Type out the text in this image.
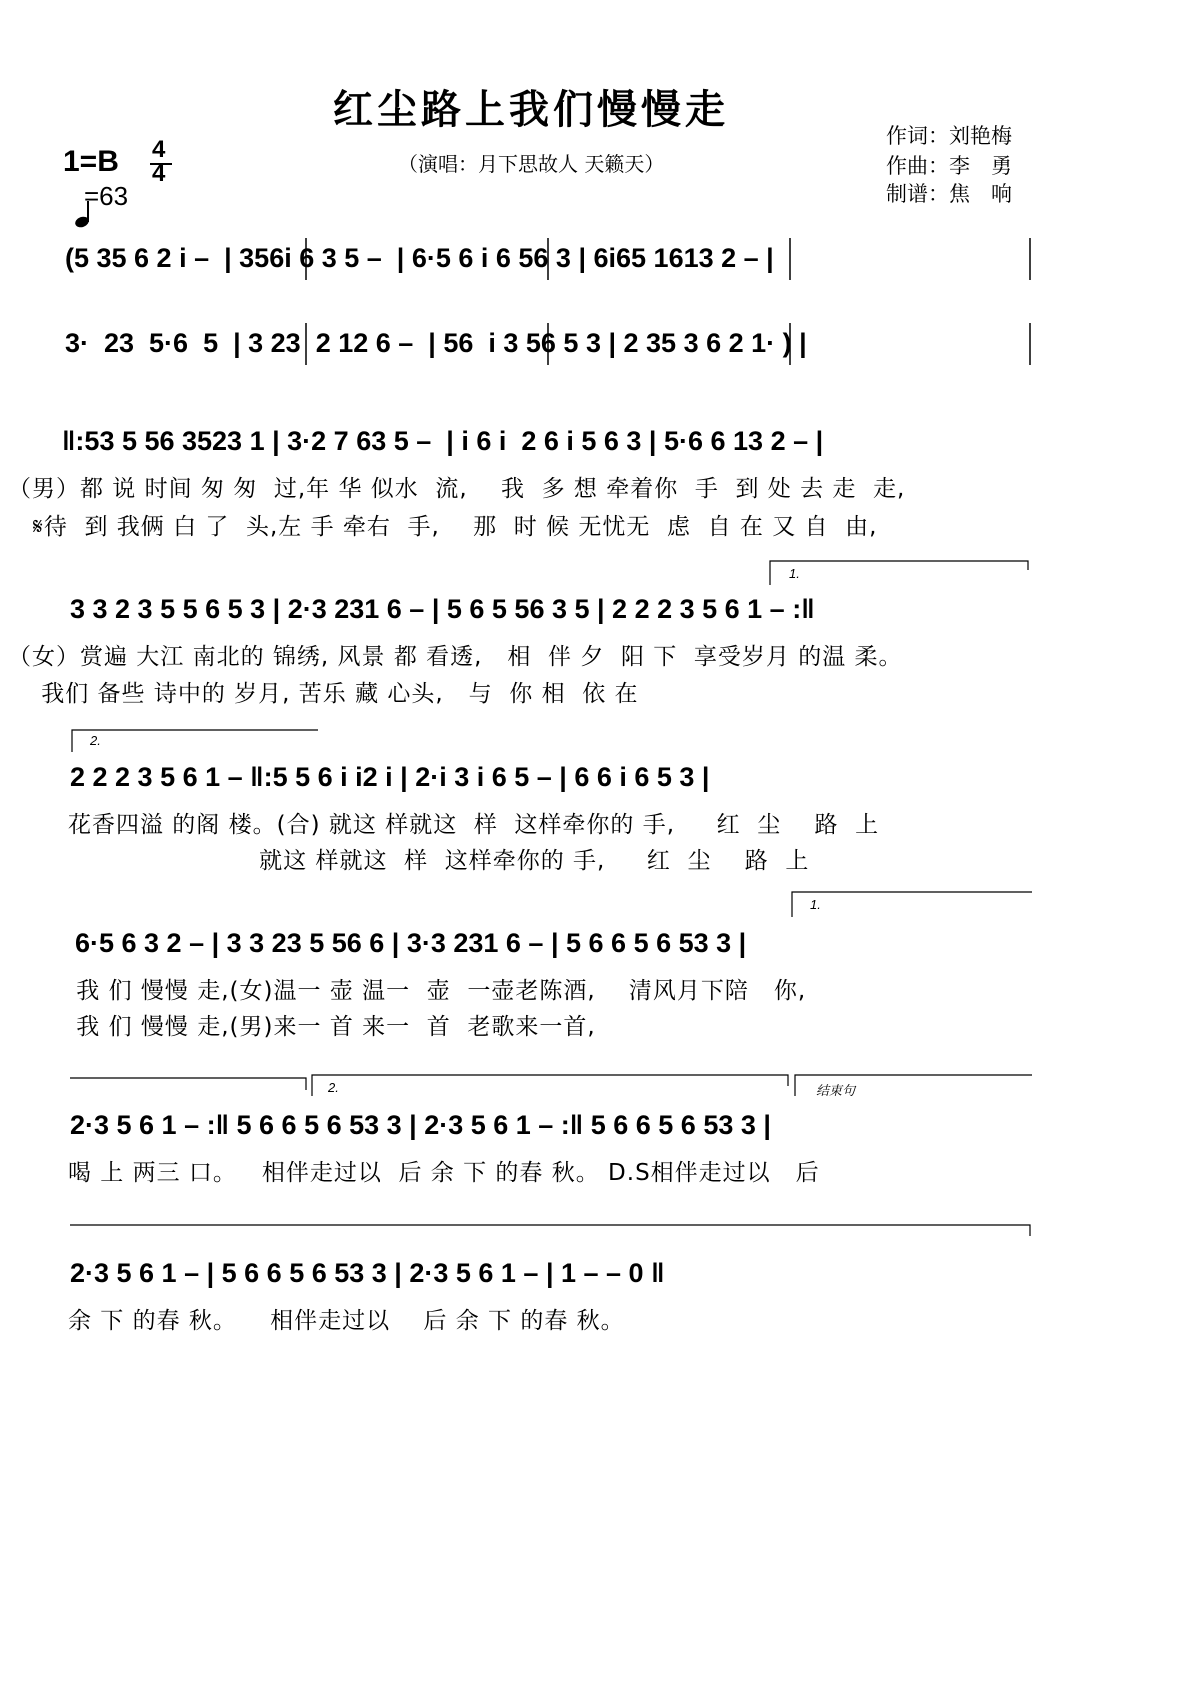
红尘路上我们慢慢走
（演唱：月下思故人 天籁天）
作词：刘艳梅
作曲：李　勇
制谱：焦　响
1=B 4
4

=63
(5 35 6 2 i –  | 356i 6 3 5 –  | 6·5 6 i 6 56 3 | 6i65 1613 2 – |
3·  23  5·6  5  | 3 23  2 12 6 –  | 56  i 3 56 5 3 | 2 35 3 6 2 1· ) |
‖:53 5 56 3523 1 | 3·2 7 63 5 –  | i 6 i  2 6 i 5 6 3 | 5·6 6 13 2 – |
（男）都 说 时间 匆 匆  过,年 华 似水  流,    我  多 想 牵着你  手  到 处 去 走  走,
𝄋待  到 我俩 白 了  头,左 手 牵右  手,    那  时 候 无忧无  虑  自 在 又 自  由,
3 3 2 3 5 5 6 5 3 | 2·3 231 6 – | 5 6 5 56 3 5 | 2 2 2 3 5 6 1 – :‖
（女）赏遍 大江 南北的 锦绣, 风景 都 看透,   相  伴 夕  阳 下  享受岁月 的温 柔。
我们 备些 诗中的 岁月, 苦乐 藏 心头,   与  你 相  依 在
1.
2.
2 2 2 3 5 6 1 – ‖:5 5 6 i i2 i | 2·i 3 i 6 5 – | 6 6 i 6 5 3 |
花香四溢 的阁 楼。(合) 就这 样就这  样  这样牵你的 手,     红  尘    路  上
就这 样就这  样  这样牵你的 手,     红  尘    路  上
1.
6·5 6 3 2 – | 3 3 23 5 56 6 | 3·3 231 6 – | 5 6 6 5 6 53 3 |
我 们 慢慢 走,(女)温一 壶 温一  壶  一壶老陈酒,    清风月下陪   你,
我 们 慢慢 走,(男)来一 首 来一  首  老歌来一首,
2.	结束句
2·3 5 6 1 – :‖ 5 6 6 5 6 53 3 | 2·3 5 6 1 – :‖ 5 6 6 5 6 53 3 |
喝 上 两三 口。   相伴走过以  后 余 下 的春 秋。 D.S相伴走过以   后
2·3 5 6 1 – | 5 6 6 5 6 53 3 | 2·3 5 6 1 – | 1 – – 0 ‖
余 下 的春 秋。    相伴走过以    后 余 下 的春 秋。
